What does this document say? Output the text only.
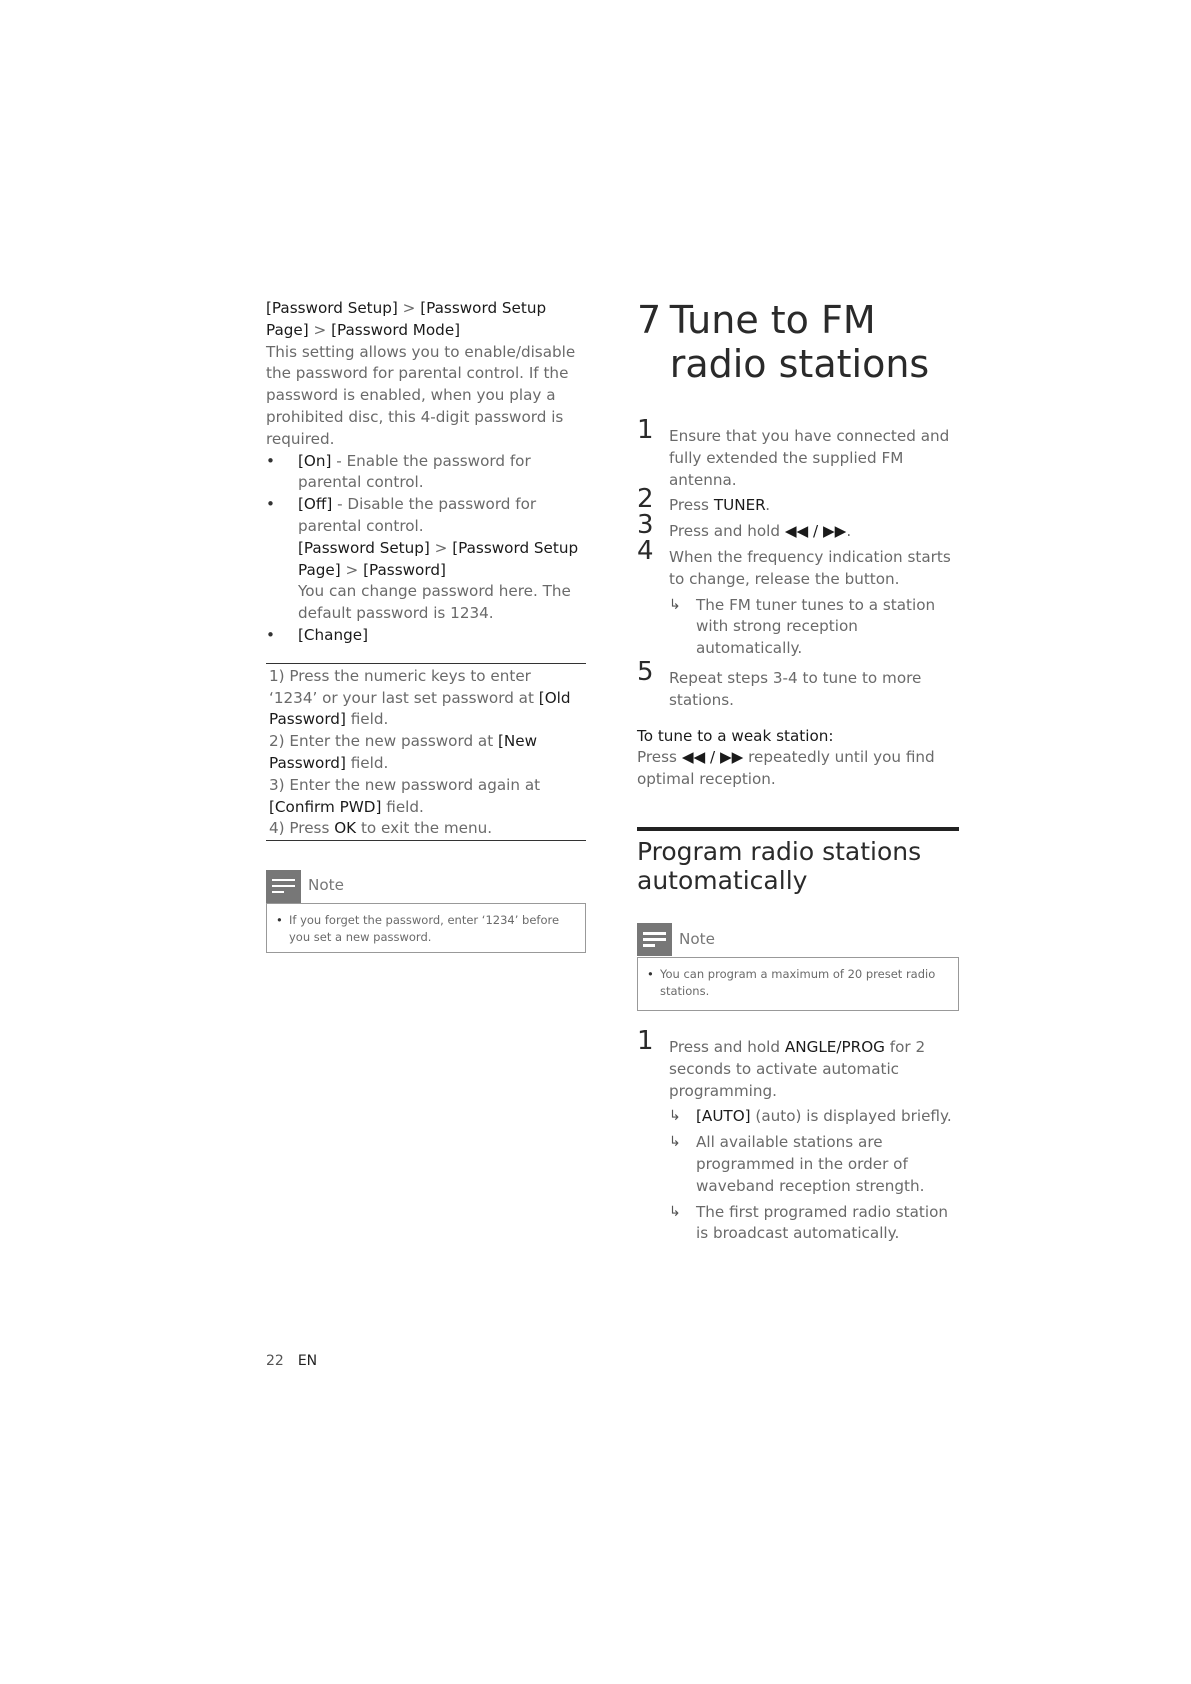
[Password Setup] > [Password Setup Page] > [Password Mode]

This setting allows you to enable/disable the password for parental control. If the password is enabled, when you play a prohibited disc, this 4-digit password is required.

• [On] - Enable the password for parental control.
• [Off] - Disable the password for parental control.
[Password Setup] > [Password Setup Page] > [Password]
You can change password here. The default password is 1234.
• [Change]

1) Press the numeric keys to enter ‘1234’ or your last set password at [Old Password] field.

2) Enter the new password at [New Password] field.

3) Enter the new password again at [Confirm PWD] field.

4) Press OK to exit the menu.

Note
• If you forget the password, enter ‘1234’ before you set a new password.
7 Tune to FM radio stations
1 Ensure that you have connected and fully extended the supplied FM antenna.
2 Press TUNER.
3 Press and hold ◀◀ / ▶▶.
4 When the frequency indication starts to change, release the button.
↳ The FM tuner tunes to a station with strong reception automatically.
5 Repeat steps 3-4 to tune to more stations.

To tune to a weak station:

Press ◀◀ / ▶▶ repeatedly until you find optimal reception.

Program radio stations automatically
Note
• You can program a maximum of 20 preset radio stations.
1 Press and hold ANGLE/PROG for 2 seconds to activate automatic programming.
↳ [AUTO] (auto) is displayed briefly.
↳ All available stations are programmed in the order of waveband reception strength.
↳ The first programed radio station is broadcast automatically.
22 EN
